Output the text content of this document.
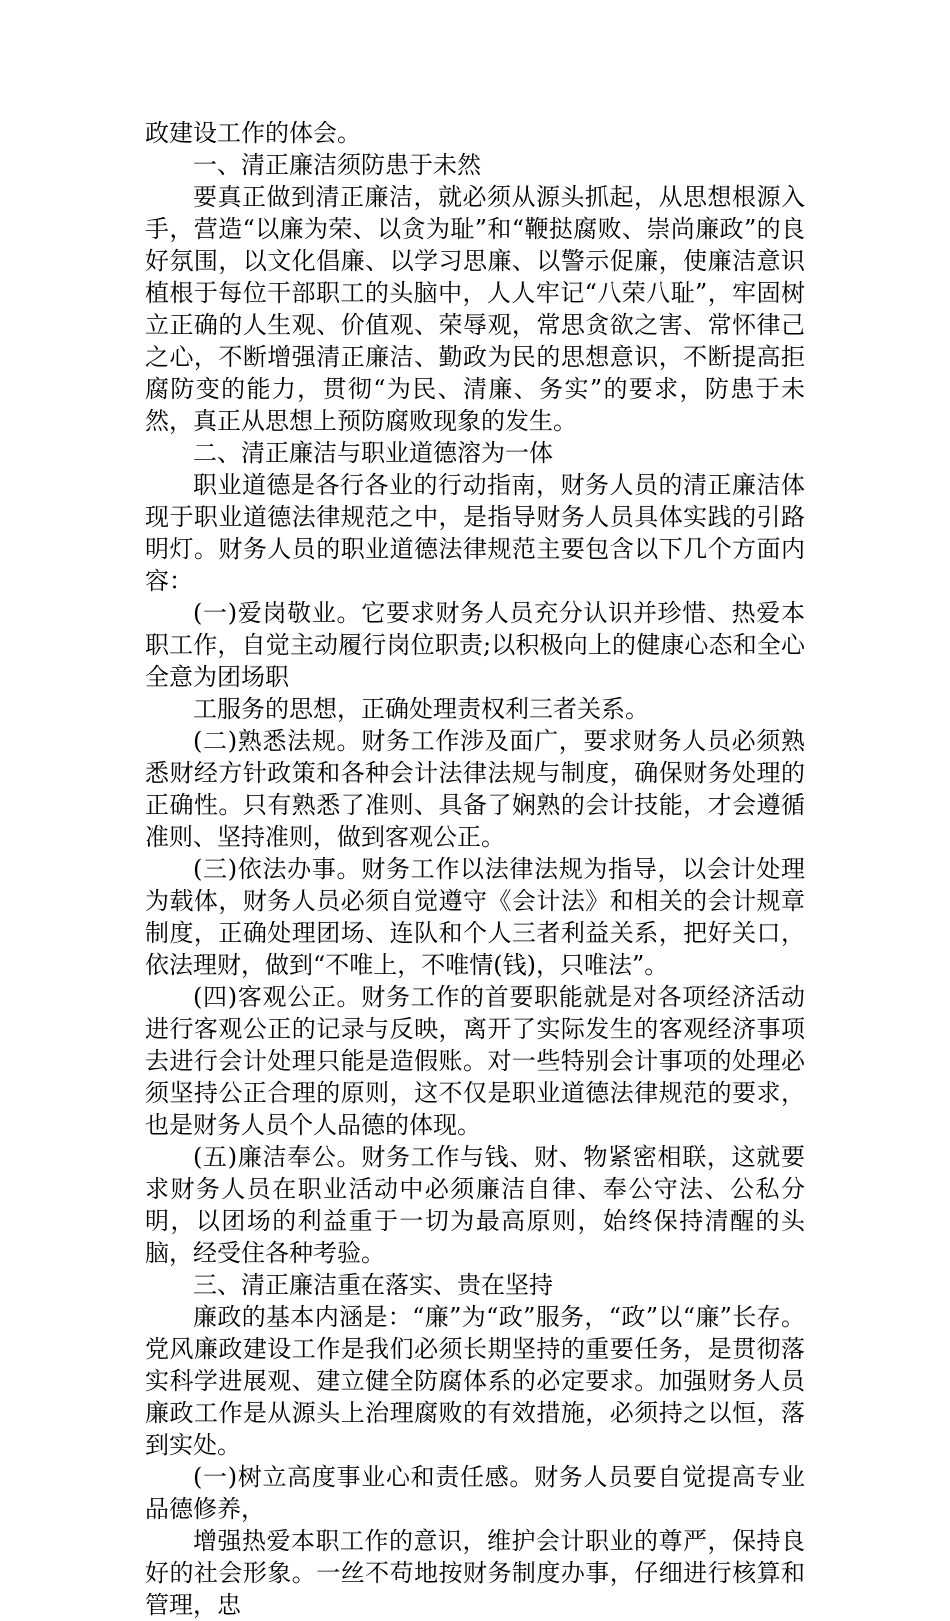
政建设工作的体会。

一、清正廉洁须防患于未然

要真正做到清正廉洁，就必须从源头抓起，从思想根源入手，营造“以廉为荣、以贪为耻”和“鞭挞腐败、崇尚廉政”的良好氛围，以文化倡廉、以学习思廉、以警示促廉，使廉洁意识植根于每位干部职工的头脑中，人人牢记“八荣八耻”，牢固树立正确的人生观、价值观、荣辱观，常思贪欲之害、常怀律己之心，不断增强清正廉洁、勤政为民的思想意识，不断提高拒腐防变的能力，贯彻“为民、清廉、务实”的要求，防患于未然，真正从思想上预防腐败现象的发生。

二、清正廉洁与职业道德溶为一体

职业道德是各行各业的行动指南，财务人员的清正廉洁体现于职业道德法律规范之中，是指导财务人员具体实践的引路明灯。财务人员的职业道德法律规范主要包含以下几个方面内容：

(一)爱岗敬业。它要求财务人员充分认识并珍惜、热爱本职工作，自觉主动履行岗位职责;以积极向上的健康心态和全心全意为团场职

工服务的思想，正确处理责权利三者关系。

(二)熟悉法规。财务工作涉及面广，要求财务人员必须熟悉财经方针政策和各种会计法律法规与制度，确保财务处理的正确性。只有熟悉了准则、具备了娴熟的会计技能，才会遵循准则、坚持准则，做到客观公正。

(三)依法办事。财务工作以法律法规为指导，以会计处理为载体，财务人员必须自觉遵守《会计法》和相关的会计规章制度，正确处理团场、连队和个人三者利益关系，把好关口，依法理财，做到“不唯上，不唯情(钱)，只唯法”。

(四)客观公正。财务工作的首要职能就是对各项经济活动进行客观公正的记录与反映，离开了实际发生的客观经济事项去进行会计处理只能是造假账。对一些特别会计事项的处理必须坚持公正合理的原则，这不仅是职业道德法律规范的要求，也是财务人员个人品德的体现。

(五)廉洁奉公。财务工作与钱、财、物紧密相联，这就要求财务人员在职业活动中必须廉洁自律、奉公守法、公私分明，以团场的利益重于一切为最高原则，始终保持清醒的头脑，经受住各种考验。

三、清正廉洁重在落实、贵在坚持

廉政的基本内涵是：“廉”为“政”服务，“政”以“廉”长存。党风廉政建设工作是我们必须长期坚持的重要任务，是贯彻落实科学进展观、建立健全防腐体系的必定要求。加强财务人员廉政工作是从源头上治理腐败的有效措施，必须持之以恒，落到实处。

(一)树立高度事业心和责任感。财务人员要自觉提高专业品德修养，

增强热爱本职工作的意识，维护会计职业的尊严，保持良好的社会形象。一丝不苟地按财务制度办事，仔细进行核算和管理，忠
